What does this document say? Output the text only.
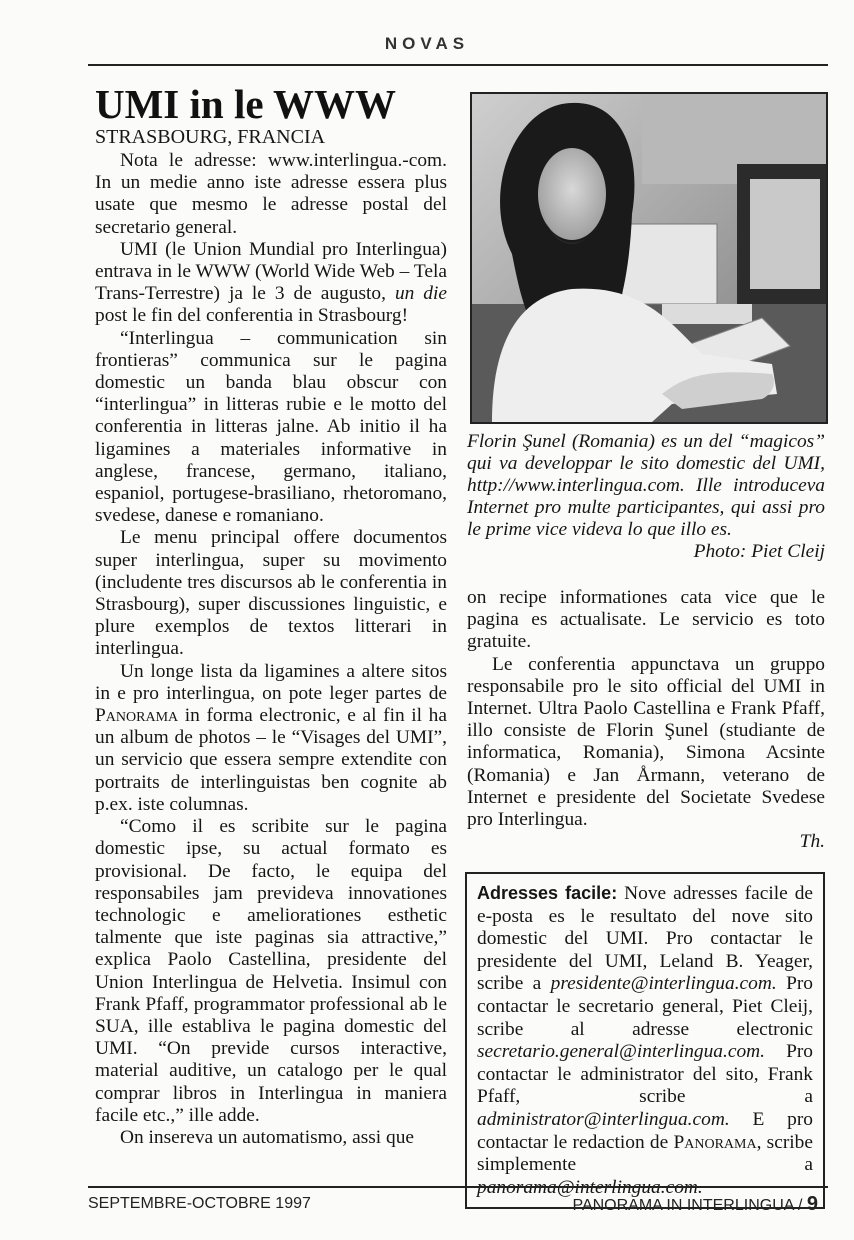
NOVAS
UMI in le WWW
STRASBOURG, FRANCIA

Nota le adresse: www.interlingua.-com. In un medie anno iste adresse essera plus usate que mesmo le adresse postal del secretario general.

UMI (le Union Mundial pro Interlingua) entrava in le WWW (World Wide Web – Tela Trans-Terrestre) ja le 3 de augusto, un die post le fin del conferentia in Strasbourg!

“Interlingua – communication sin frontieras” communica sur le pagina domestic un banda blau obscur con “interlingua” in litteras rubie e le motto del conferentia in litteras jalne. Ab initio il ha ligamines a materiales informative in anglese, francese, germano, italiano, espaniol, portugese-brasiliano, rhetoromano, svedese, danese e romaniano.

Le menu principal offere documentos super interlingua, super su movimento (includente tres discursos ab le conferentia in Strasbourg), super discussiones linguistic, e plure exemplos de textos litterari in interlingua.

Un longe lista da ligamines a altere sitos in e pro interlingua, on pote leger partes de Panorama in forma electronic, e al fin il ha un album de photos – le “Visages del UMI”, un servicio que essera sempre extendite con portraits de interlinguistas ben cognite ab p.ex. iste columnas.

“Como il es scribite sur le pagina domestic ipse, su actual formato es provisional. De facto, le equipa del responsabiles jam prevideva innovationes technologic e ameliorationes esthetic talmente que iste paginas sia attractive,” explica Paolo Castellina, presidente del Union Interlingua de Helvetia. Insimul con Frank Pfaff, programmator professional ab le SUA, ille establiva le pagina domestic del UMI. “On previde cursos interactive, material auditive, un catalogo per le qual comprar libros in Interlingua in maniera facile etc.,” ille adde.

On insereva un automatismo, assi que

Florin Şunel (Romania) es un del “magicos” qui va developpar le sito domestic del UMI, http://www.interlingua.com. Ille introduceva Internet pro multe participantes, qui assi pro le prime vice videva lo que illo es.
Photo: Piet Cleij

on recipe informationes cata vice que le pagina es actualisate. Le servicio es toto gratuite.

Le conferentia appunctava un gruppo responsabile pro le sito official del UMI in Internet. Ultra Paolo Castellina e Frank Pfaff, illo consiste de Florin Şunel (studiante de informatica, Romania), Simona Acsinte (Romania) e Jan Årmann, veterano de Internet e presidente del Societate Svedese pro Interlingua.

Th.
Adresses facile: Nove adresses facile de e-posta es le resultato del nove sito domestic del UMI. Pro contactar le presidente del UMI, Leland B. Yeager, scribe a presidente@interlingua.com. Pro contactar le secretario general, Piet Cleij, scribe al adresse electronic secretario.general@interlingua.com. Pro contactar le administrator del sito, Frank Pfaff, scribe a administrator@interlingua.com. E pro contactar le redaction de Panorama, scribe simplemente a panorama@interlingua.com.
SEPTEMBRE-OCTOBRE 1997	PANORAMA IN INTERLINGUA / 9
